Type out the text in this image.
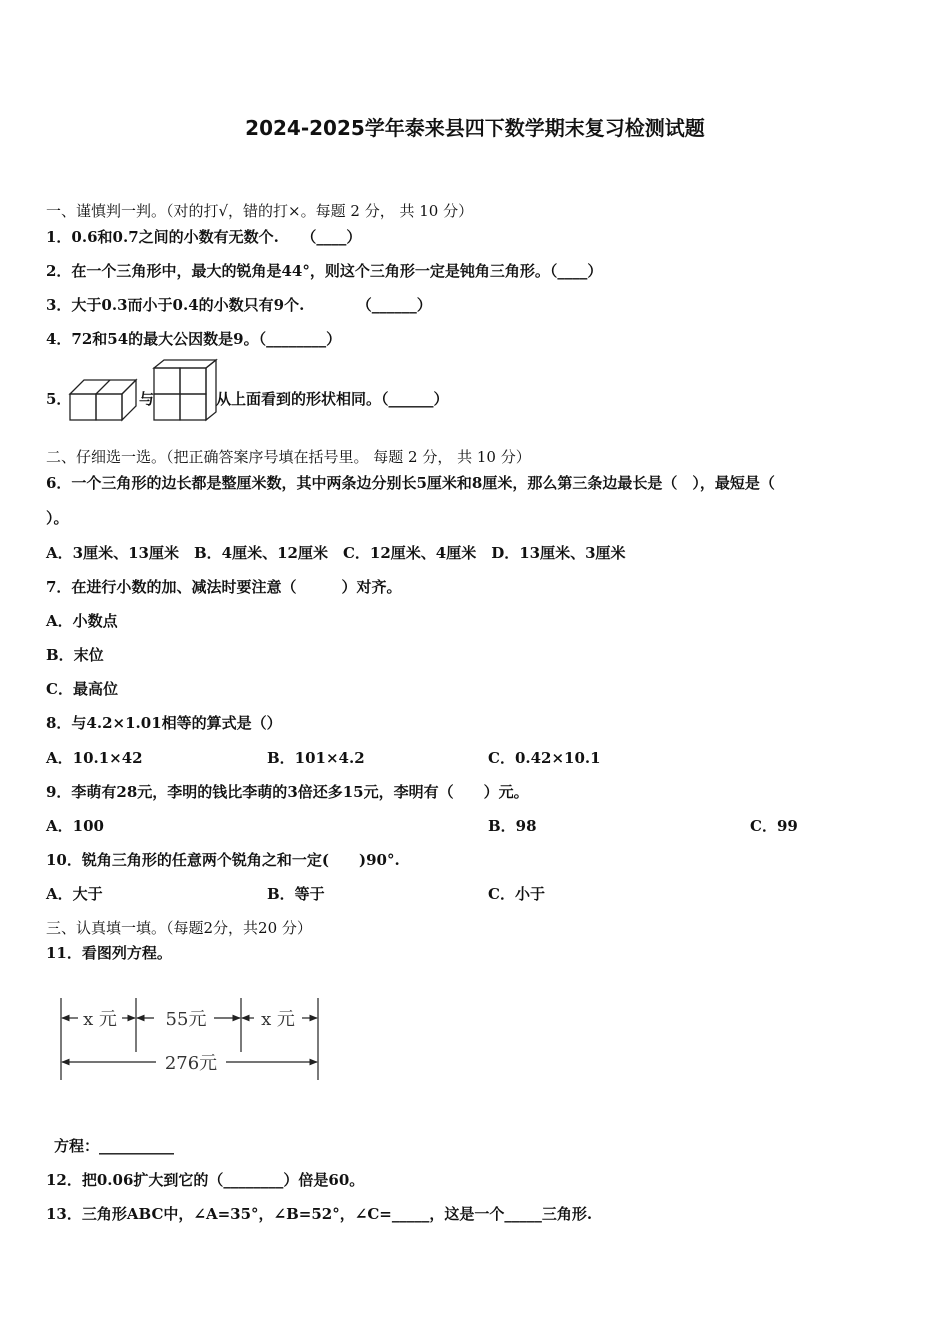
2024-2025学年泰来县四下数学期末复习检测试题
一、谨慎判一判。（对的打√，错的打×。每题 2 分， 共 10 分）
1．0.6和0.7之间的小数有无数个.　　（____）
2．在一个三角形中，最大的锐角是44°，则这个三角形一定是钝角三角形。（____）
3．大于0.3而小于0.4的小数只有9个.　　　　（______）
4．72和54的最大公因数是9。（________）
5．	与	从上面看到的形状相同。（______）
二、仔细选一选。（把正确答案序号填在括号里。 每题 2 分， 共 10 分）
6．一个三角形的边长都是整厘米数，其中两条边分别长5厘米和8厘米，那么第三条边最长是（　），最短是（
）。
A．3厘米、13厘米　B．4厘米、12厘米　C．12厘米、4厘米　D．13厘米、3厘米
7．在进行小数的加、减法时要注意（　　　）对齐。
A．小数点
B．末位
C．最高位
8．与4.2×1.01相等的算式是（）
A．10.1×42	B．101×4.2	C．0.42×10.1
9．李萌有28元，李明的钱比李萌的3倍还多15元，李明有（　　）元。
A．100	B．98	C．99
10．锐角三角形的任意两个锐角之和一定(　　)90°.
A．大于	B．等于	C．小于
三、认真填一填。（每题2分，共20 分）
11．看图列方程。
x 元	55元	x 元
276元
方程：__________
12．把0.06扩大到它的（________）倍是60。
13．三角形ABC中，∠A=35°，∠B=52°，∠C=_____，这是一个_____三角形.
